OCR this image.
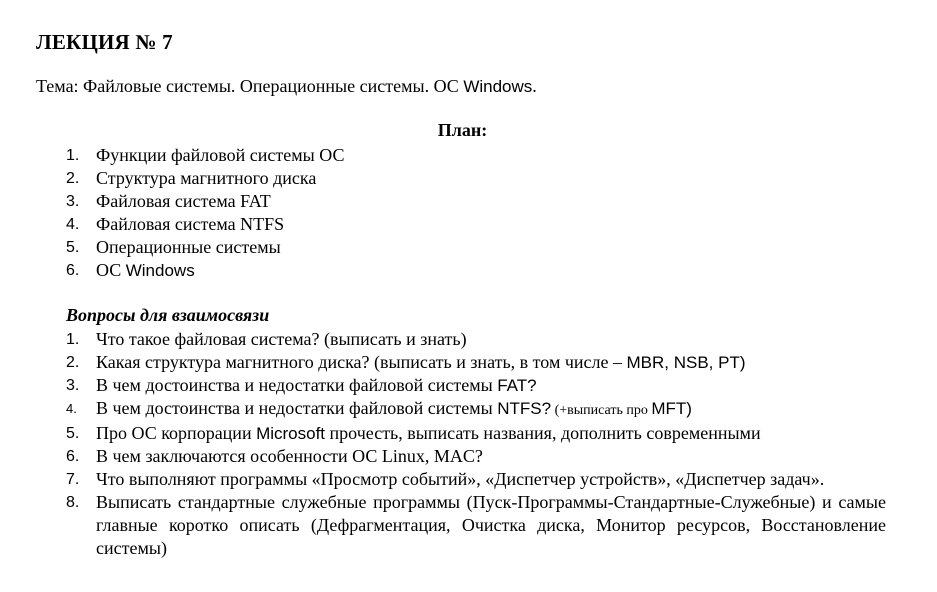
ЛЕКЦИЯ № 7
Тема: Файловые системы. Операционные системы. ОС Windows.
План:
1. Функции файловой системы ОС
2. Структура магнитного диска
3. Файловая система FAT
4. Файловая система NTFS
5. Операционные системы
6. ОС Windows
Вопросы для взаимосвязи
1. Что такое файловая система? (выписать и знать)
2. Какая структура магнитного диска? (выписать и знать, в том числе – MBR, NSB, PT)
3. В чем достоинства и недостатки файловой системы FAT?
4. В чем достоинства и недостатки файловой системы NTFS? (+выписать про MFT)
5. Про ОС корпорации Microsoft прочесть, выписать названия, дополнить современными
6. В чем заключаются особенности ОС Linux, MAC?
7. Что выполняют программы «Просмотр событий», «Диспетчер устройств», «Диспетчер задач».
8. Выписать стандартные служебные программы (Пуск-Программы-Стандартные-Служебные) и самые главные коротко описать (Дефрагментация, Очистка диска, Монитор ресурсов, Восстановление системы)
